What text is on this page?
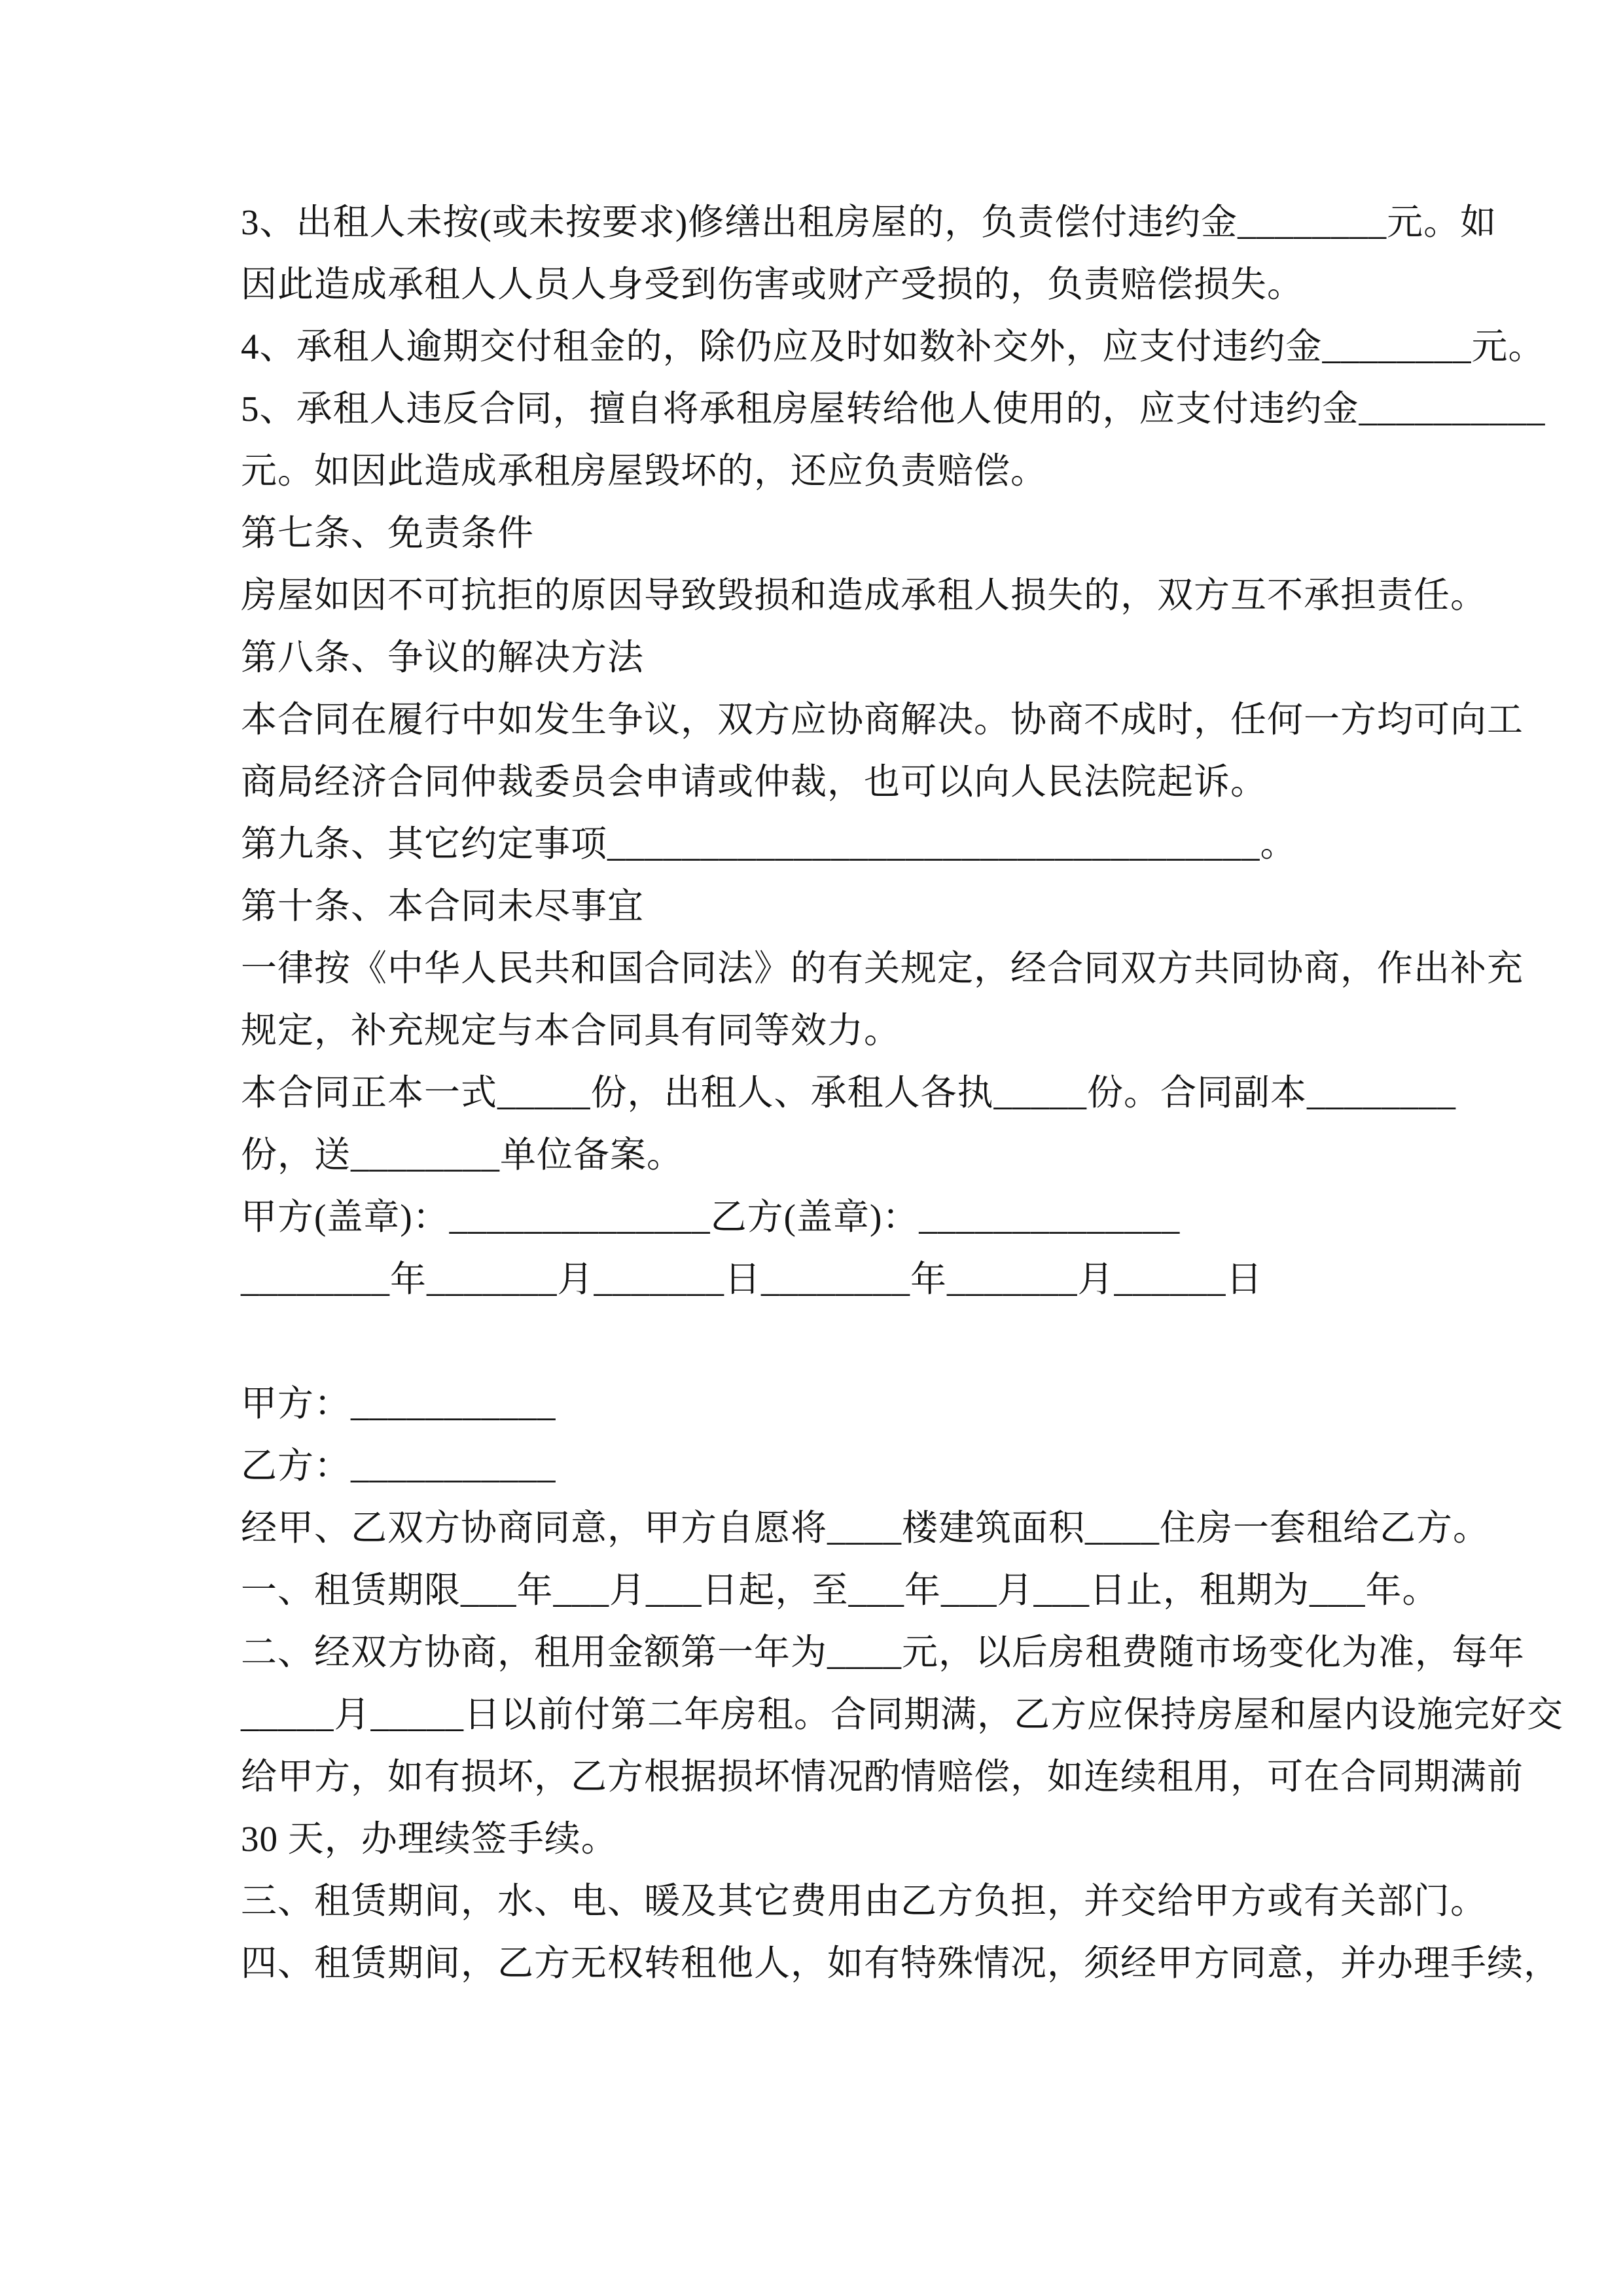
3、出租人未按(或未按要求)修缮出租房屋的，负责偿付违约金________元。如

因此造成承租人人员人身受到伤害或财产受损的，负责赔偿损失。

4、承租人逾期交付租金的，除仍应及时如数补交外，应支付违约金________元。

5、承租人违反合同，擅自将承租房屋转给他人使用的，应支付违约金__________

元。如因此造成承租房屋毁坏的，还应负责赔偿。

第七条、免责条件

房屋如因不可抗拒的原因导致毁损和造成承租人损失的，双方互不承担责任。

第八条、争议的解决方法

本合同在履行中如发生争议，双方应协商解决。协商不成时，任何一方均可向工

商局经济合同仲裁委员会申请或仲裁，也可以向人民法院起诉。

第九条、其它约定事项___________________________________。

第十条、本合同未尽事宜

一律按《中华人民共和国合同法》的有关规定，经合同双方共同协商，作出补充

规定，补充规定与本合同具有同等效力。

本合同正本一式_____份，出租人、承租人各执_____份。合同副本________

份，送________单位备案。

甲方(盖章)：______________乙方(盖章)：______________

________年_______月_______日________年_______月______日

甲方：___________

乙方：___________

经甲、乙双方协商同意，甲方自愿将____楼建筑面积____住房一套租给乙方。

一、租赁期限___年___月___日起，至___年___月___日止，租期为___年。

二、经双方协商，租用金额第一年为____元，以后房租费随市场变化为准，每年

_____月_____日以前付第二年房租。合同期满，乙方应保持房屋和屋内设施完好交

给甲方，如有损坏，乙方根据损坏情况酌情赔偿，如连续租用，可在合同期满前

30 天，办理续签手续。

三、租赁期间，水、电、暖及其它费用由乙方负担，并交给甲方或有关部门。

四、租赁期间，乙方无权转租他人，如有特殊情况，须经甲方同意，并办理手续，
